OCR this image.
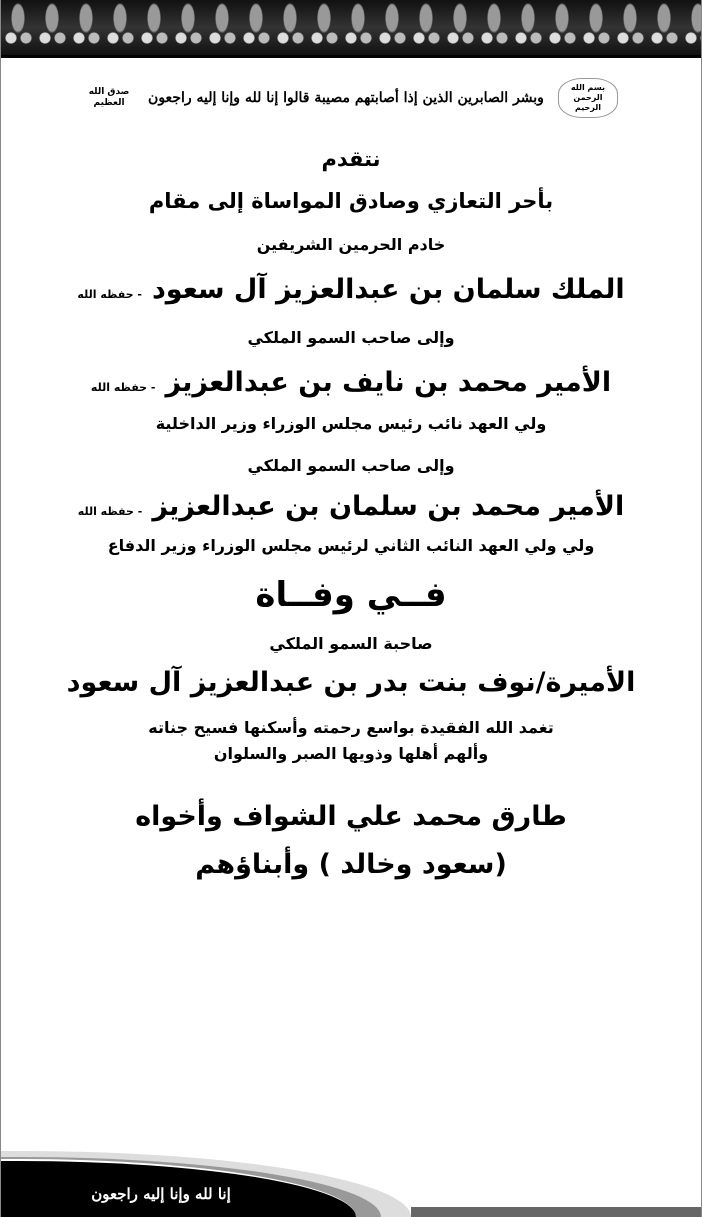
بسم الله الرحمن الرحيم
وبشر الصابرين الذين إذا أصابتهم مصيبة قالوا إنا لله وإنا إليه راجعون
صدق الله العظيم
نتقدم
بأحر التعازي وصادق المواساة إلى مقام
خادم الحرمين الشريفين
الملك سلمان بن عبدالعزيز آل سعود
- حفظه الله
وإلى صاحب السمو الملكي
الأمير محمد بن نايف بن عبدالعزيز
- حفظه الله
ولي العهد نائب رئيس مجلس الوزراء وزير الداخلية
وإلى صاحب السمو الملكي
الأمير محمد بن سلمان بن عبدالعزيز
- حفظه الله
ولي ولي العهد النائب الثاني لرئيس مجلس الوزراء وزير الدفاع
فــي وفــاة
صاحبة السمو الملكي
الأميرة/نوف بنت بدر بن عبدالعزيز آل سعود
تغمد الله الفقيدة بواسع رحمته وأسكنها فسيح جناته
وألهم أهلها وذويها الصبر والسلوان
طارق محمد علي الشواف وأخواه
(سعود وخالد ) وأبناؤهم
إنا لله وإنا إليه راجعون
